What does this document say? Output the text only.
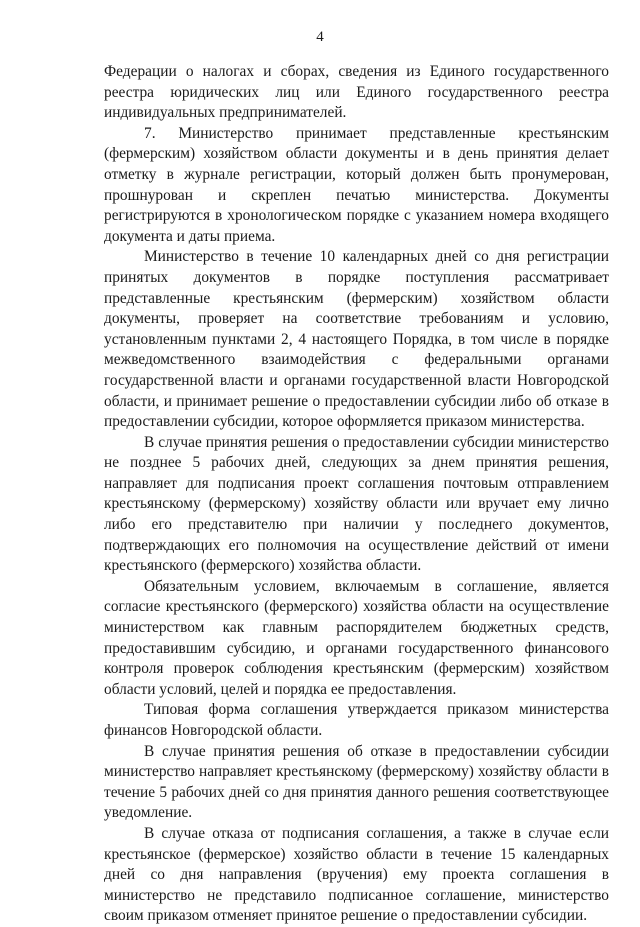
4

Федерации о налогах и сборах, сведения из Единого государственного реестра юридических лиц или Единого государственного реестра индивидуальных предпринимателей.

7. Министерство принимает представленные крестьянским (фермерским) хозяйством области документы и в день принятия делает отметку в журнале регистрации, который должен быть пронумерован, прошнурован и скреплен печатью министерства. Документы регистрируются в хронологическом порядке с указанием номера входящего документа и даты приема.

Министерство в течение 10 календарных дней со дня регистрации принятых документов в порядке поступления рассматривает представленные крестьянским (фермерским) хозяйством области документы, проверяет на соответствие требованиям и условию, установленным пунктами 2, 4 настоящего Порядка, в том числе в порядке межведомственного взаимодействия с федеральными органами государственной власти и органами государственной власти Новгородской области, и принимает решение о предоставлении субсидии либо об отказе в предоставлении субсидии, которое оформляется приказом министерства.

В случае принятия решения о предоставлении субсидии министерство не позднее 5 рабочих дней, следующих за днем принятия решения, направляет для подписания проект соглашения почтовым отправлением крестьянскому (фермерскому) хозяйству области или вручает ему лично либо его представителю при наличии у последнего документов, подтверждающих его полномочия на осуществление действий от имени крестьянского (фермерского) хозяйства области.

Обязательным условием, включаемым в соглашение, является согласие крестьянского (фермерского) хозяйства области на осуществление министерством как главным распорядителем бюджетных средств, предоставившим субсидию, и органами государственного финансового контроля проверок соблюдения крестьянским (фермерским) хозяйством области условий, целей и порядка ее предоставления.

Типовая форма соглашения утверждается приказом министерства финансов Новгородской области.

В случае принятия решения об отказе в предоставлении субсидии министерство направляет крестьянскому (фермерскому) хозяйству области в течение 5 рабочих дней со дня принятия данного решения соответствующее уведомление.

В случае отказа от подписания соглашения, а также в случае если крестьянское (фермерское) хозяйство области в течение 15 календарных дней со дня направления (вручения) ему проекта соглашения в министерство не представило подписанное соглашение, министерство своим приказом отменяет принятое решение о предоставлении субсидии.
